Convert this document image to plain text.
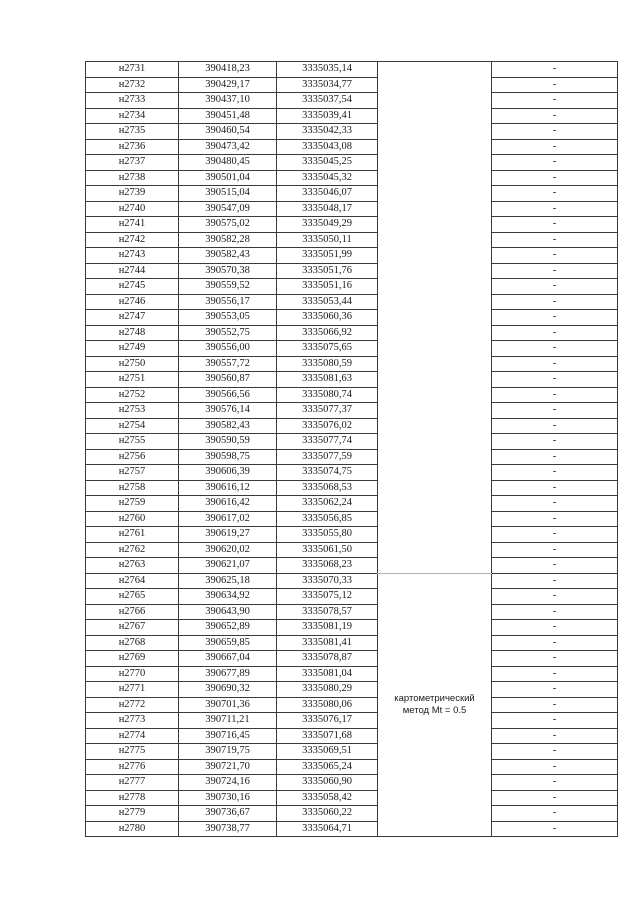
н2731	390418,23	3335035,14		-
н2732	390429,17	3335034,77		-
н2733	390437,10	3335037,54		-
н2734	390451,48	3335039,41		-
н2735	390460,54	3335042,33		-
н2736	390473,42	3335043,08		-
н2737	390480,45	3335045,25		-
н2738	390501,04	3335045,32		-
н2739	390515,04	3335046,07		-
н2740	390547,09	3335048,17		-
н2741	390575,02	3335049,29		-
н2742	390582,28	3335050,11		-
н2743	390582,43	3335051,99		-
н2744	390570,38	3335051,76		-
н2745	390559,52	3335051,16		-
н2746	390556,17	3335053,44		-
н2747	390553,05	3335060,36		-
н2748	390552,75	3335066,92		-
н2749	390556,00	3335075,65		-
н2750	390557,72	3335080,59		-
н2751	390560,87	3335081,63		-
н2752	390566,56	3335080,74		-
н2753	390576,14	3335077,37		-
н2754	390582,43	3335076,02		-
н2755	390590,59	3335077,74		-
н2756	390598,75	3335077,59		-
н2757	390606,39	3335074,75		-
н2758	390616,12	3335068,53		-
н2759	390616,42	3335062,24		-
н2760	390617,02	3335056,85		-
н2761	390619,27	3335055,80		-
н2762	390620,02	3335061,50		-
н2763	390621,07	3335068,23		-
н2764	390625,18	3335070,33	картометрический
метод Mt = 0.5	-
н2765	390634,92	3335075,12		-
н2766	390643,90	3335078,57		-
н2767	390652,89	3335081,19		-
н2768	390659,85	3335081,41		-
н2769	390667,04	3335078,87		-
н2770	390677,89	3335081,04		-
н2771	390690,32	3335080,29		-
н2772	390701,36	3335080,06		-
н2773	390711,21	3335076,17		-
н2774	390716,45	3335071,68		-
н2775	390719,75	3335069,51		-
н2776	390721,70	3335065,24		-
н2777	390724,16	3335060,90		-
н2778	390730,16	3335058,42		-
н2779	390736,67	3335060,22		-
н2780	390738,77	3335064,71		-
